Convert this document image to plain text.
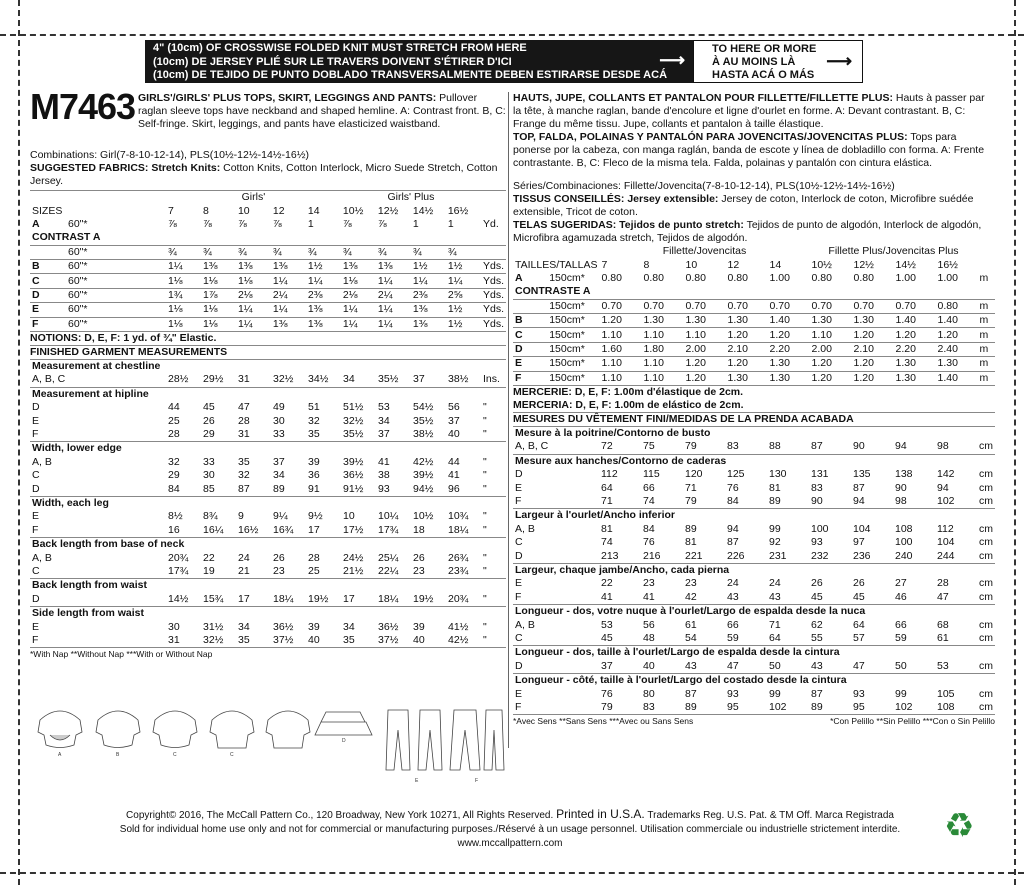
4" (10cm) OF CROSSWISE FOLDED KNIT MUST STRETCH FROM HERE
(10cm) DE JERSEY PLIÉ SUR LE TRAVERS DOIVENT S'ÉTIRER D'ICI
(10cm) DE TEJIDO DE PUNTO DOBLADO TRANSVERSALMENTE DEBEN ESTIRARSE DESDE ACÁ
⟶
TO HERE OR MORE
À AU MOINS LÀ
HASTA ACÁ O MÁS
⟶
M7463 GIRLS'/GIRLS' PLUS TOPS, SKIRT, LEGGINGS AND PANTS: Pullover raglan sleeve tops have neckband and shaped hemline. A: Contrast front. B, C: Self-fringe. Skirt, leggings, and pants have elasticized waistband.
Combinations: Girl(7-8-10-12-14), PLS(10½-12½-14½-16½)
SUGGESTED FABRICS: Stretch Knits: Cotton Knits, Cotton Interlock, Micro Suede Stretch, Cotton Jersey.
		Girls'					Girls' Plus				
SIZES		7	8	10	12	14	10½	12½	14½	16½	
A	60"*	⅞	⅞	⅞	⅞	1	⅞	⅞	1	1	Yd.
CONTRAST A											
	60"*	¾	¾	¾	¾	¾	¾	¾	¾	¾	
B	60"*	1¼	1⅜	1⅜	1⅜	1½	1⅜	1⅜	1½	1½	Yds.
C	60"*	1⅛	1⅛	1⅛	1¼	1¼	1⅛	1¼	1¼	1¼	Yds.
D	60"*	1¾	1⅞	2⅛	2¼	2⅜	2⅛	2¼	2⅜	2⅝	Yds.
E	60"*	1⅛	1⅛	1¼	1¼	1⅜	1¼	1¼	1⅜	1½	Yds.
F	60"*	1⅛	1⅛	1¼	1⅜	1⅜	1¼	1¼	1⅜	1½	Yds.
NOTIONS: D, E, F: 1 yd. of ¾" Elastic.
FINISHED GARMENT MEASUREMENTS
Measurement at chestline										
A, B, C	28½	29½	31	32½	34½	34	35½	37	38½	Ins.
Measurement at hipline										
D	44	45	47	49	51	51½	53	54½	56	"
E	25	26	28	30	32	32½	34	35½	37	"
F	28	29	31	33	35	35½	37	38½	40	"
Width, lower edge										
A, B	32	33	35	37	39	39½	41	42½	44	"
C	29	30	32	34	36	36½	38	39½	41	"
D	84	85	87	89	91	91½	93	94½	96	"
Width, each leg										
E	8½	8¾	9	9¼	9½	10	10¼	10½	10¾	"
F	16	16¼	16½	16¾	17	17½	17¾	18	18¼	"
Back length from base of neck										
A, B	20¾	22	24	26	28	24½	25¼	26	26¾	"
C	17¾	19	21	23	25	21½	22¼	23	23¾	"
Back length from waist										
D	14½	15¾	17	18¼	19½	17	18¼	19½	20¾	"
Side length from waist										
E	30	31½	34	36½	39	34	36½	39	41½	"
F	31	32½	35	37½	40	35	37½	40	42½	"
*With Nap **Without Nap ***With or Without Nap
HAUTS, JUPE, COLLANTS ET PANTALON POUR FILLETTE/FILLETTE PLUS: Hauts à passer par la tête, à manche raglan, bande d'encolure et ligne d'ourlet en forme. A: Devant contrastant. B, C: Frange du même tissu. Jupe, collants et pantalon à taille élastique.
TOP, FALDA, POLAINAS Y PANTALÓN PARA JOVENCITAS/JOVENCITAS PLUS: Tops para ponerse por la cabeza, con manga raglán, banda de escote y línea de dobladillo con forma. A: Frente contrastante. B, C: Fleco de la misma tela. Falda, polainas y pantalón con cintura elástica.
Séries/Combinaciones: Fillette/Jovencita(7-8-10-12-14), PLS(10½-12½-14½-16½)
TISSUS CONSEILLÉS: Jersey extensible: Jersey de coton, Interlock de coton, Microfibre suédée extensible, Tricot de coton.
TELAS SUGERIDAS: Tejidos de punto stretch: Tejidos de punto de algodón, Interlock de algodón, Microfibra agamuzada stretch, Tejidos de algodón.
		Fillette/Jovencitas					Fillette Plus/Jovencitas Plus				
TAILLES/TALLAS		7	8	10	12	14	10½	12½	14½	16½	
A	150cm*	0.80	0.80	0.80	0.80	1.00	0.80	0.80	1.00	1.00	m
CONTRASTE A											
	150cm*	0.70	0.70	0.70	0.70	0.70	0.70	0.70	0.70	0.80	m
B	150cm*	1.20	1.30	1.30	1.30	1.40	1.30	1.30	1.40	1.40	m
C	150cm*	1.10	1.10	1.10	1.20	1.20	1.10	1.20	1.20	1.20	m
D	150cm*	1.60	1.80	2.00	2.10	2.20	2.00	2.10	2.20	2.40	m
E	150cm*	1.10	1.10	1.20	1.20	1.30	1.20	1.20	1.30	1.30	m
F	150cm*	1.10	1.10	1.20	1.30	1.30	1.20	1.20	1.30	1.40	m
MERCERIE: D, E, F: 1.00m d'élastique de 2cm.
MERCERIA: D, E, F: 1.00m de elástico de 2cm.
MESURES DU VÊTEMENT FINI/MEDIDAS DE LA PRENDA ACABADA
Mesure à la poitrine/Contorno de busto										
A, B, C	72	75	79	83	88	87	90	94	98	cm
Mesure aux hanches/Contorno de caderas										
D	112	115	120	125	130	131	135	138	142	cm
E	64	66	71	76	81	83	87	90	94	cm
F	71	74	79	84	89	90	94	98	102	cm
Largeur à l'ourlet/Ancho inferior										
A, B	81	84	89	94	99	100	104	108	112	cm
C	74	76	81	87	92	93	97	100	104	cm
D	213	216	221	226	231	232	236	240	244	cm
Largeur, chaque jambe/Ancho, cada pierna										
E	22	23	23	24	24	26	26	27	28	cm
F	41	41	42	43	43	45	45	46	47	cm
Longueur - dos, votre nuque à l'ourlet/Largo de espalda desde la nuca										
A, B	53	56	61	66	71	62	64	66	68	cm
C	45	48	54	59	64	55	57	59	61	cm
Longueur - dos, taille à l'ourlet/Largo de espalda desde la cintura										
D	37	40	43	47	50	43	47	50	53	cm
Longueur - côté, taille à l'ourlet/Largo del costado desde la cintura										
E	76	80	87	93	99	87	93	99	105	cm
F	79	83	89	95	102	89	95	102	108	cm
*Avec Sens **Sans Sens ***Avec ou Sans Sens	*Con Pelillo **Sin Pelillo ***Con o Sin Pelillo
A	B	C	C
D
E	F
Copyright© 2016, The McCall Pattern Co., 120 Broadway, New York 10271, All Rights Reserved. Printed in U.S.A. Trademarks Reg. U.S. Pat. & TM Off. Marca Registrada
Sold for individual home use only and not for commercial or manufacturing purposes./Réservé à un usage personnel. Utilisation commerciale ou industrielle strictement interdite.
www.mccallpattern.com	♻
